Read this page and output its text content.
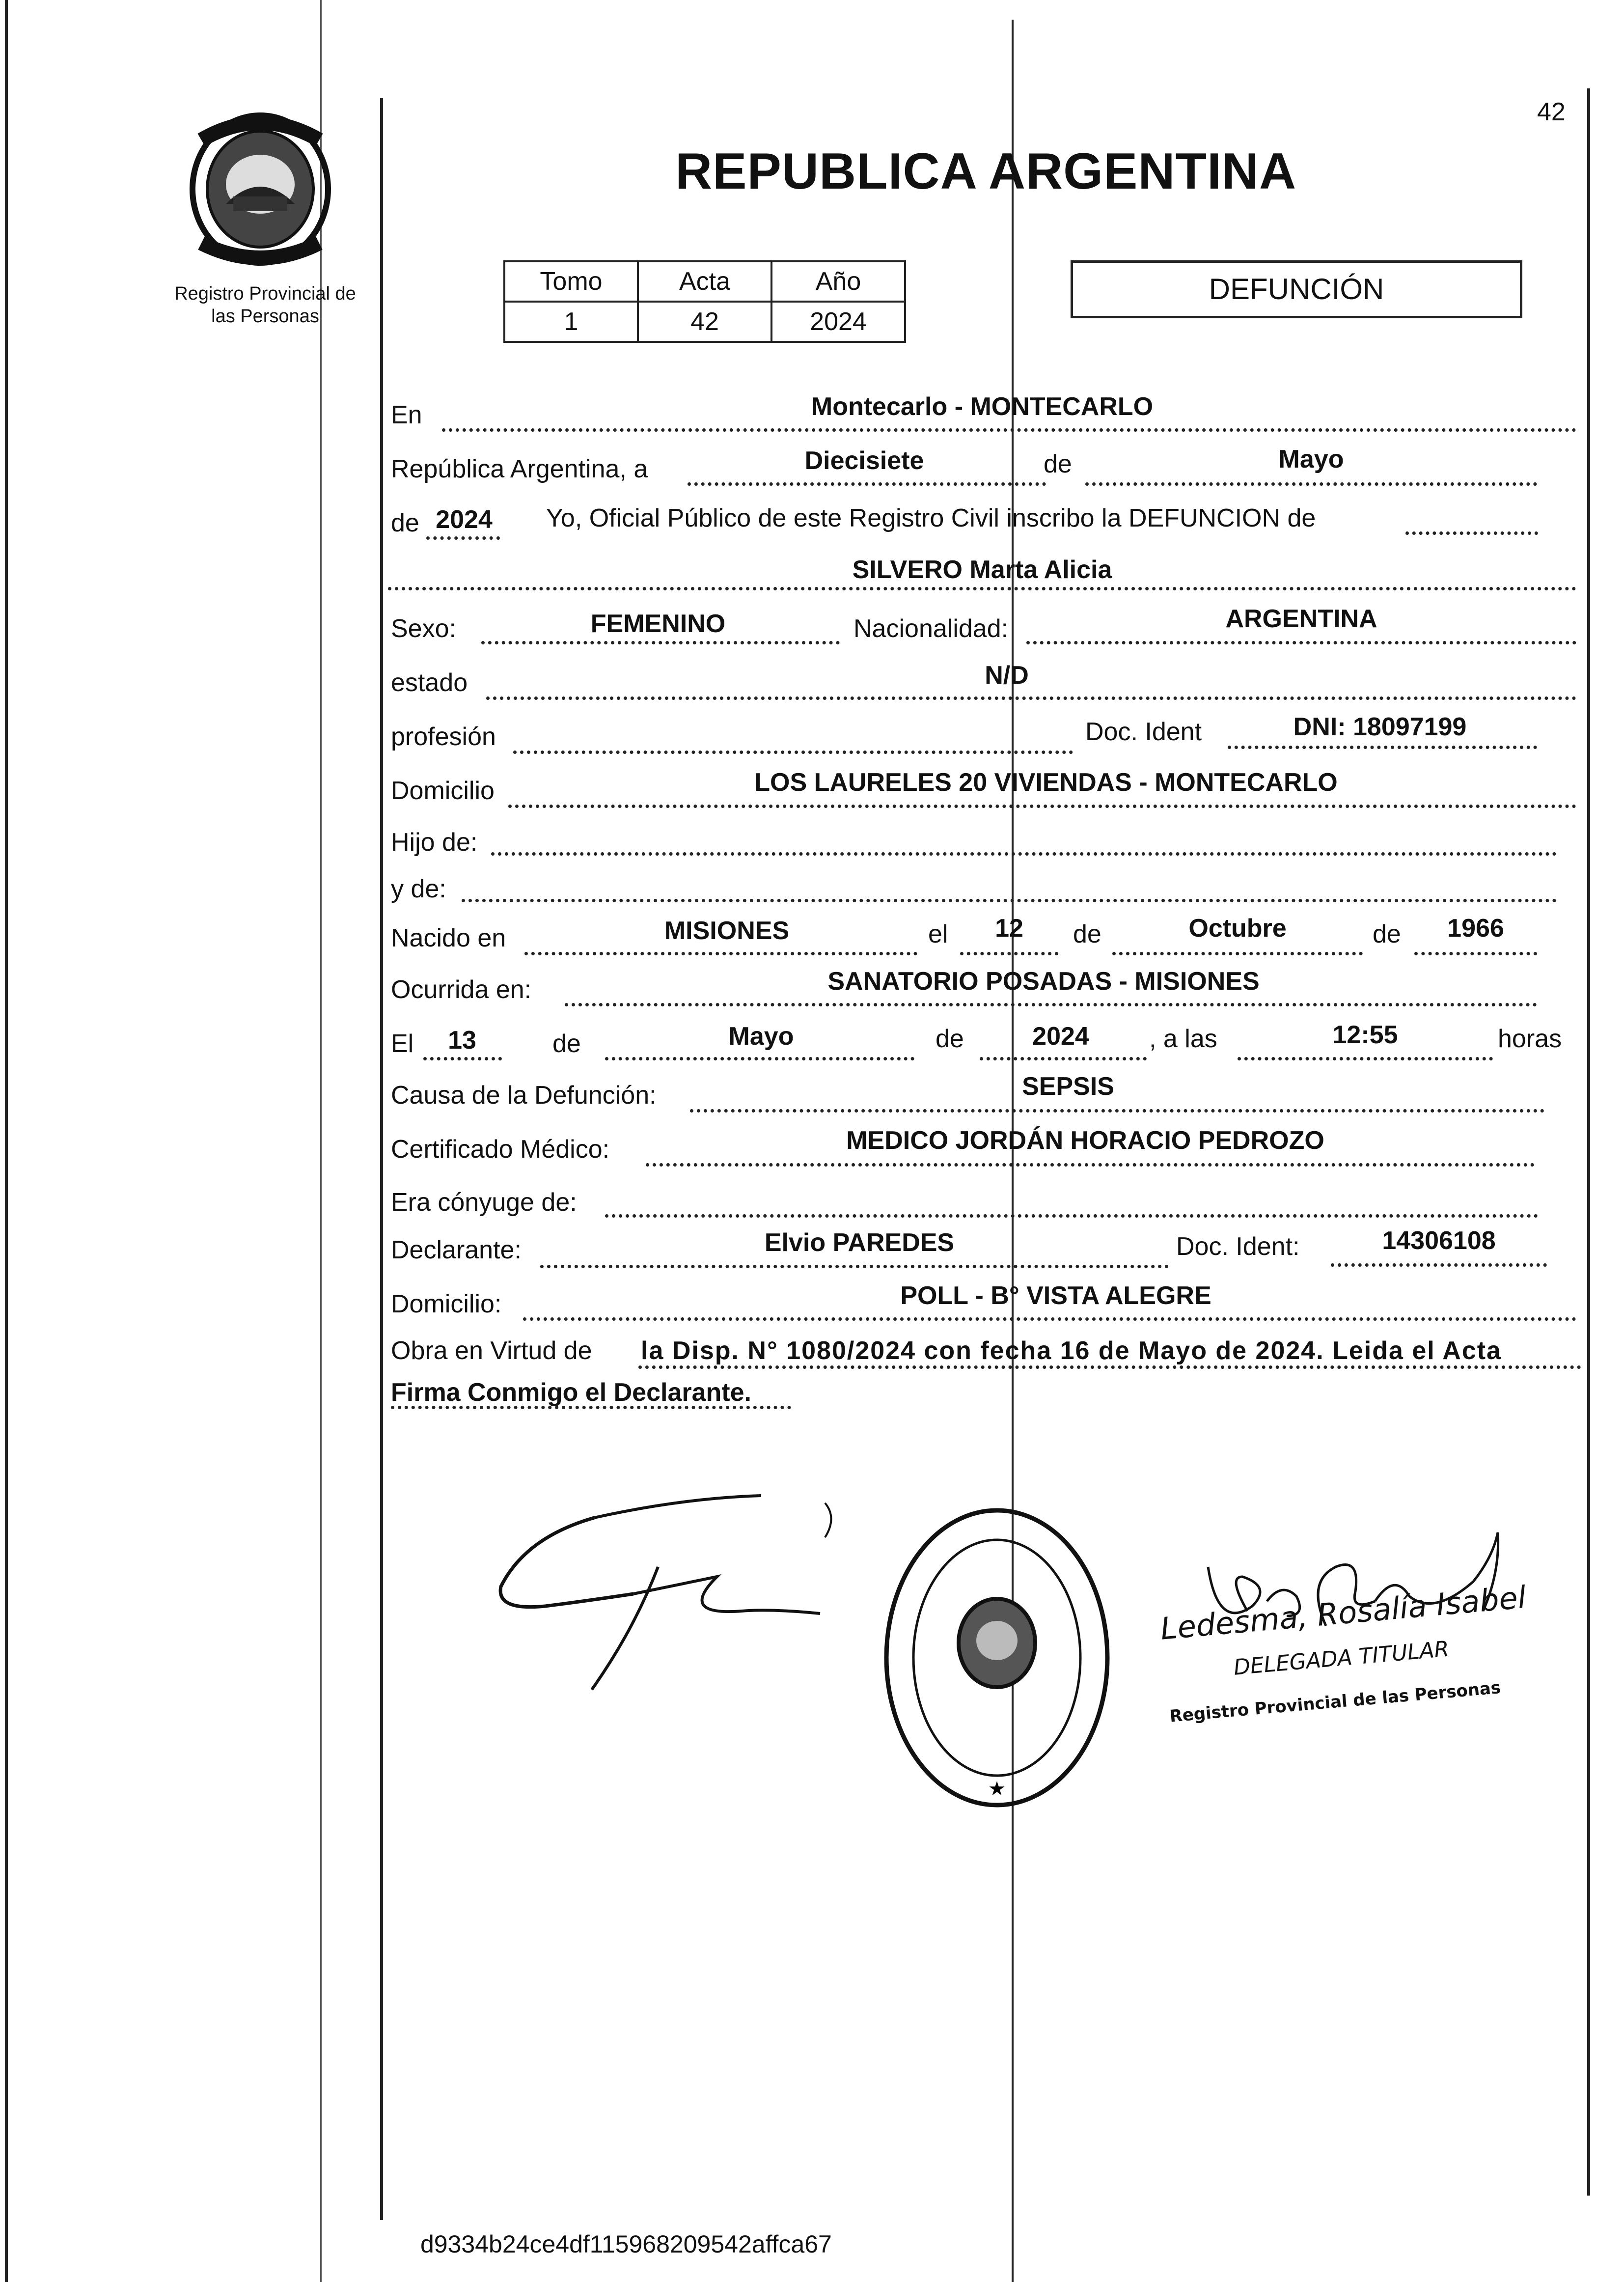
Registro Provincial de las Personas
42
REPUBLICA ARGENTINA
Tomo	Acta	Año
1	42	2024
DEFUNCIÓN
En	Montecarlo - MONTECARLO
República Argentina, a	Diecisiete	de	Mayo
de 2024	Yo, Oficial Público de este Registro Civil inscribo la DEFUNCION de
SILVERO Marta Alicia
Sexo:	FEMENINO	Nacionalidad:	ARGENTINA
estado	N/D
profesión	Doc. Ident	DNI: 18097199
Domicilio	LOS LAURELES 20 VIVIENDAS - MONTECARLO
Hijo de:
y de:
Nacido en	MISIONES	el	12	de	Octubre	de	1966
Ocurrida en:	SANATORIO POSADAS - MISIONES
El	13	de	Mayo	de	2024	, a las	12:55	horas
Causa de la Defunción:	SEPSIS
Certificado Médico:	MEDICO JORDÁN HORACIO PEDROZO
Era cónyuge de:
Declarante:	Elvio PAREDES	Doc. Ident:	14306108
Domicilio:	POLL - B° VISTA ALEGRE
Obra en Virtud de la Disp. N° 1080/2024 con fecha 16 de Mayo de 2024. Leida el Acta
Firma Conmigo el Declarante.
★
Ledesma, Rosalía Isabel
DELEGADA TITULAR
Registro Provincial de las Personas
d9334b24ce4df115968209542affca67
